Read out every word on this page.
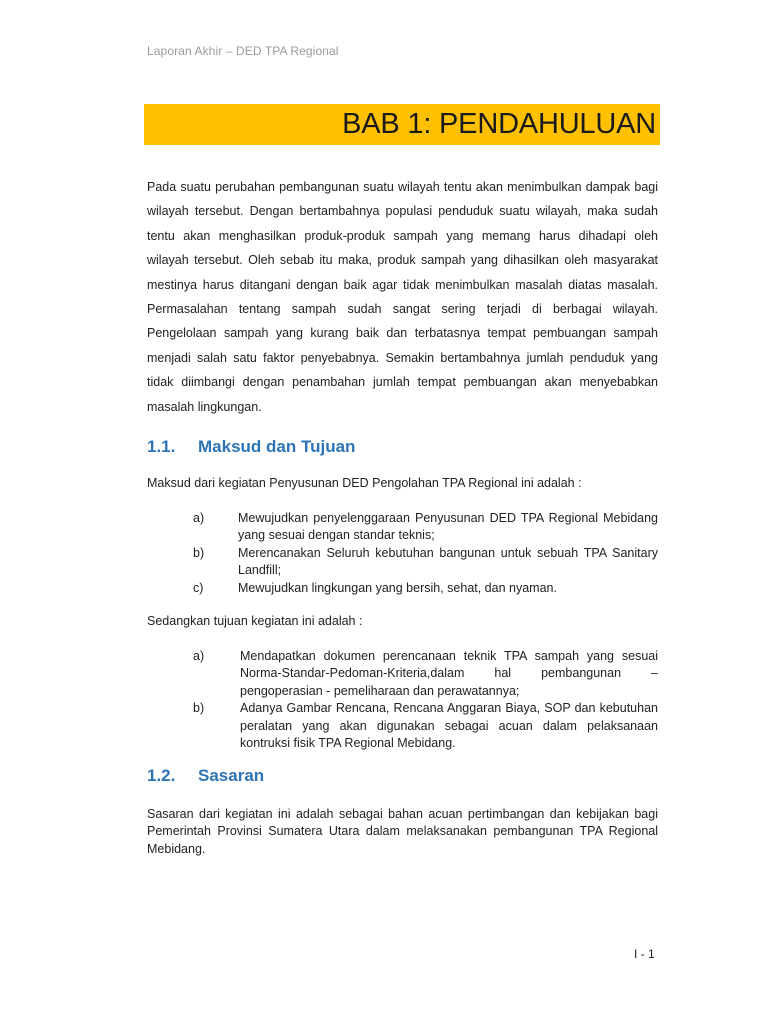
Laporan Akhir – DED TPA Regional
BAB 1: PENDAHULUAN

Pada suatu perubahan pembangunan suatu wilayah tentu akan menimbulkan dampak bagi wilayah tersebut. Dengan bertambahnya populasi penduduk suatu wilayah, maka sudah tentu akan menghasilkan produk-produk sampah yang memang harus dihadapi oleh wilayah tersebut. Oleh sebab itu maka, produk sampah yang dihasilkan oleh masyarakat mestinya harus ditangani dengan baik agar tidak menimbulkan masalah diatas masalah. Permasalahan tentang sampah sudah sangat sering terjadi di berbagai wilayah. Pengelolaan sampah yang kurang baik dan terbatasnya tempat pembuangan sampah menjadi salah satu faktor penyebabnya. Semakin bertambahnya jumlah penduduk yang tidak diimbangi dengan penambahan jumlah tempat pembuangan akan menyebabkan masalah lingkungan.

1.1.	Maksud dan Tujuan

Maksud dari kegiatan Penyusunan DED Pengolahan TPA Regional ini adalah :

a)	Mewujudkan penyelenggaraan Penyusunan DED TPA Regional Mebidang yang sesuai dengan standar teknis;
b)	Merencanakan Seluruh kebutuhan bangunan untuk sebuah TPA Sanitary Landfill;
c)	Mewujudkan lingkungan yang bersih, sehat, dan nyaman.

Sedangkan tujuan kegiatan ini adalah :

a)	Mendapatkan dokumen perencanaan teknik TPA sampah yang sesuai Norma-Standar-Pedoman-Kriteria,dalam hal pembangunan – pengoperasian - pemeliharaan dan perawatannya;
b)	Adanya Gambar Rencana, Rencana Anggaran Biaya, SOP dan kebutuhan peralatan yang akan digunakan sebagai acuan dalam pelaksanaan kontruksi fisik TPA Regional Mebidang.
1.2.	Sasaran

Sasaran dari kegiatan ini adalah sebagai bahan acuan pertimbangan dan kebijakan bagi Pemerintah Provinsi Sumatera Utara dalam melaksanakan pembangunan TPA Regional Mebidang.

I - 1
